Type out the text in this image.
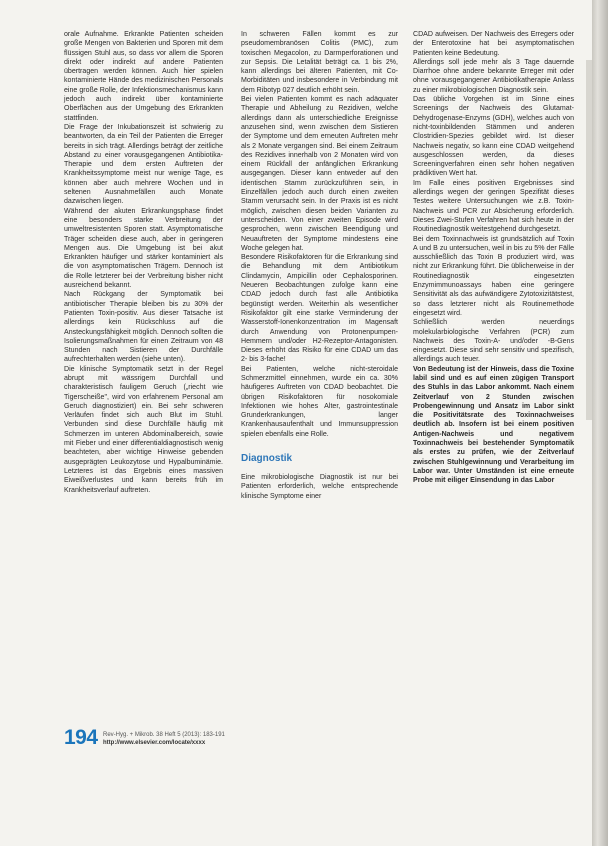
orale Aufnahme. Erkrankte Patienten scheiden große Mengen von Bakterien und Sporen mit dem flüssigen Stuhl aus, so dass vor allem die Sporen direkt oder indirekt auf andere Patienten übertragen werden können. Auch hier spielen kontaminierte Hände des medizinischen Personals eine große Rolle, der Infektionsmechanismus kann jedoch auch indirekt über kontaminierte Oberflächen aus der Umgebung des Erkrankten stattfinden.

Die Frage der Inkubationszeit ist schwierig zu beantworten, da ein Teil der Patienten die Erreger bereits in sich trägt. Allerdings beträgt der zeitliche Abstand zu einer vorausgegangenen Antibiotika-Therapie und dem ersten Auftreten der Krankheitssymptome meist nur wenige Tage, es können aber auch mehrere Wochen und in seltenen Ausnahmefällen auch Monate dazwischen liegen.

Während der akuten Erkrankungsphase findet eine besonders starke Verbreitung der umweltresistenten Sporen statt. Asymptomatische Träger scheiden diese auch, aber in geringeren Mengen aus. Die Umgebung ist bei akut Erkrankten häufiger und stärker kontaminiert als die von asymptomatischen Trägern. Dennoch ist die Rolle letzterer bei der Verbreitung bisher nicht ausreichend bekannt.

Nach Rückgang der Symptomatik bei antibiotischer Therapie bleiben bis zu 30% der Patienten Toxin-positiv. Aus dieser Tatsache ist allerdings kein Rückschluss auf die Ansteckungsfähigkeit möglich. Dennoch sollten die Isolierungsmaßnahmen für einen Zeitraum von 48 Stunden nach Sistieren der Durchfälle aufrechterhalten werden (siehe unten).

Die klinische Symptomatik setzt in der Regel abrupt mit wässrigem Durchfall und charakteristisch fauligem Geruch („riecht wie Tigerscheiße", wird von erfahrenem Personal am Geruch diagnostiziert) ein. Bei sehr schweren Verläufen findet sich auch Blut im Stuhl. Verbunden sind diese Durchfälle häufig mit Schmerzen im unteren Abdominalbereich, sowie mit Fieber und einer differentialdiagnostisch wenig beachteten, aber wichtige Hinweise gebenden ausgeprägten Leukozytose und Hypalbuminämie. Letzteres ist das Ergebnis eines massiven Eiweißverlustes und kann bereits früh im Krankheitsverlauf auftreten.

In schweren Fällen kommt es zur pseudomembranösen Colitis (PMC), zum toxischen Megacolon, zu Darmperforationen und zur Sepsis. Die Letalität beträgt ca. 1 bis 2%, kann allerdings bei älteren Patienten, mit Co-Morbiditäten und insbesondere in Verbindung mit dem Ribotyp 027 deutlich erhöht sein.

Bei vielen Patienten kommt es nach adäquater Therapie und Abheilung zu Rezidiven, welche allerdings dann als unterschiedliche Ereignisse anzusehen sind, wenn zwischen dem Sistieren der Symptome und dem erneuten Auftreten mehr als 2 Monate vergangen sind. Bei einem Zeitraum des Rezidives innerhalb von 2 Monaten wird von einem Rückfall der anfänglichen Erkrankung ausgegangen. Dieser kann entweder auf den identischen Stamm zurückzuführen sein, in Einzelfällen jedoch auch durch einen zweiten Stamm verursacht sein. In der Praxis ist es nicht möglich, zwischen diesen beiden Varianten zu unterscheiden. Von einer zweiten Episode wird gesprochen, wenn zwischen Beendigung und Neuauftreten der Symptome mindestens eine Woche gelegen hat.

Besondere Risikofaktoren für die Erkrankung sind die Behandlung mit dem Antibiotikum Clindamycin, Ampicillin oder Cephalosporinen. Neueren Beobachtungen zufolge kann eine CDAD jedoch durch fast alle Antibiotika begünstigt werden. Weiterhin als wesentlicher Risikofaktor gilt eine starke Verminderung der Wasserstoff-Ionenkonzentration im Magensaft durch Anwendung von Protonenpumpen-Hemmern und/oder H2-Rezeptor-Antagonisten. Dieses erhöht das Risiko für eine CDAD um das 2- bis 3-fache!

Bei Patienten, welche nicht-steroidale Schmerzmittel einnehmen, wurde ein ca. 30% häufigeres Auftreten von CDAD beobachtet. Die übrigen Risikofaktoren für nosokomiale Infektionen wie hohes Alter, gastrointestinale Grunderkrankungen, langer Krankenhausaufenthalt und Immunsuppression spielen ebenfalls eine Rolle.

Diagnostik

Eine mikrobiologische Diagnostik ist nur bei Patienten erforderlich, welche entsprechende klinische Symptome einer

CDAD aufweisen. Der Nachweis des Erregers oder der Enterotoxine hat bei asymptomatischen Patienten keine Bedeutung.

Allerdings soll jede mehr als 3 Tage dauernde Diarrhoe ohne andere bekannte Erreger mit oder ohne vorausgegangener Antibiotikatherapie Anlass zu einer mikrobiologischen Diagnostik sein.

Das übliche Vorgehen ist im Sinne eines Screenings der Nachweis des Glutamat-Dehydrogenase-Enzyms (GDH), welches auch von nicht-toxinbildenden Stämmen und anderen Clostridien-Spezies gebildet wird. Ist dieser Nachweis negativ, so kann eine CDAD weitgehend ausgeschlossen werden, da dieses Screeningverfahren einen sehr hohen negativen prädiktiven Wert hat.

Im Falle eines positiven Ergebnisses sind allerdings wegen der geringen Spezifität dieses Testes weitere Untersuchungen wie z.B. Toxin-Nachweis und PCR zur Absicherung erforderlich. Dieses Zwei-Stufen Verfahren hat sich heute in der Routinediagnostik weitestgehend durchgesetzt.

Bei dem Toxinnachweis ist grundsätzlich auf Toxin A und B zu untersuchen, weil in bis zu 5% der Fälle ausschließlich das Toxin B produziert wird, was nicht zur Erkrankung führt. Die üblicherweise in der Routinediagnostik eingesetzten Enzymimmunoassays haben eine geringere Sensitivität als das aufwändigere Zytotoxizitätstest, so dass letzterer nicht als Routinemethode eingesetzt wird.

Schließlich werden neuerdings molekularbiologische Verfahren (PCR) zum Nachweis des Toxin-A- und/oder -B-Gens eingesetzt. Diese sind sehr sensitiv und spezifisch, allerdings auch teuer.

Von Bedeutung ist der Hinweis, dass die Toxine labil sind und es auf einen zügigen Transport des Stuhls in das Labor ankommt. Nach einem Zeitverlauf von 2 Stunden zwischen Probengewinnung und Ansatz im Labor sinkt die Positivitätsrate des Toxinnachweises deutlich ab. Insofern ist bei einem positiven Antigen-Nachweis und negativem Toxinnachweis bei bestehender Symptomatik als erstes zu prüfen, wie der Zeitverlauf zwischen Stuhlgewinnung und Verarbeitung im Labor war. Unter Umständen ist eine erneute Probe mit eiliger Einsendung in das Labor

194 Rev-Hyg. + Mikrob. 38 Heft 5 (2013): 183-191
http://www.elsevier.com/locate/xxxx
